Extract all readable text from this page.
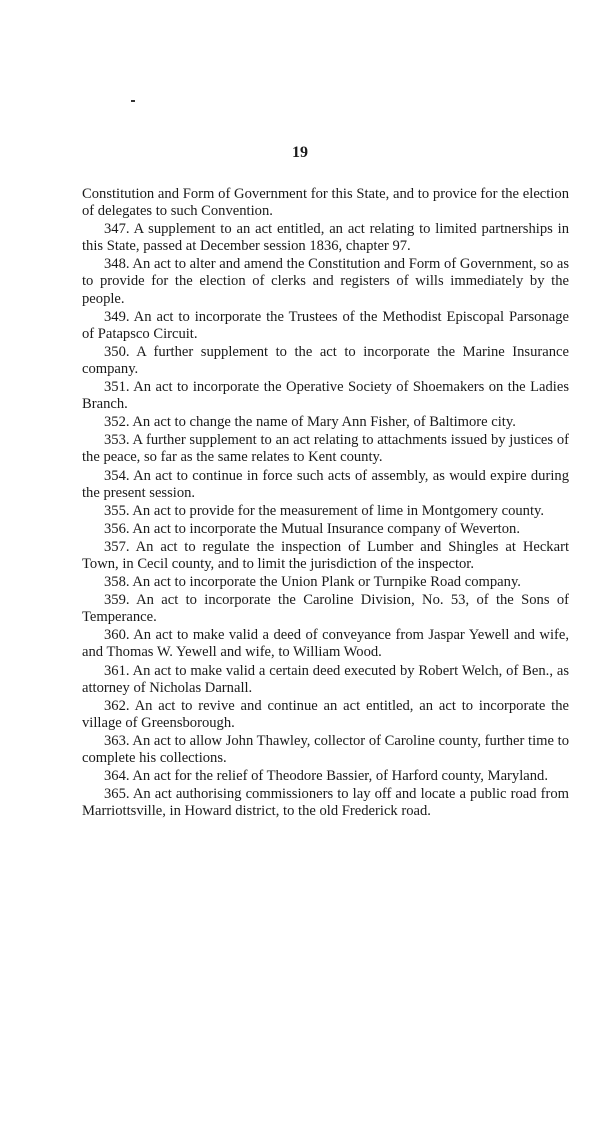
19

Constitution and Form of Government for this State, and to provice for the election of delegates to such Convention.

347. A supplement to an act entitled, an act relating to limited partnerships in this State, passed at December session 1836, chapter 97.

348. An act to alter and amend the Constitution and Form of Government, so as to provide for the election of clerks and registers of wills immediately by the people.

349. An act to incorporate the Trustees of the Methodist Episcopal Parsonage of Patapsco Circuit.

350. A further supplement to the act to incorporate the Marine Insurance company.

351. An act to incorporate the Operative Society of Shoemakers on the Ladies Branch.

352. An act to change the name of Mary Ann Fisher, of Baltimore city.

353. A further supplement to an act relating to attachments issued by justices of the peace, so far as the same relates to Kent county.

354. An act to continue in force such acts of assembly, as would expire during the present session.

355. An act to provide for the measurement of lime in Montgomery county.

356. An act to incorporate the Mutual Insurance company of Weverton.

357. An act to regulate the inspection of Lumber and Shingles at Heckart Town, in Cecil county, and to limit the jurisdiction of the inspector.

358. An act to incorporate the Union Plank or Turnpike Road company.

359. An act to incorporate the Caroline Division, No. 53, of the Sons of Temperance.

360. An act to make valid a deed of conveyance from Jaspar Yewell and wife, and Thomas W. Yewell and wife, to William Wood.

361. An act to make valid a certain deed executed by Robert Welch, of Ben., as attorney of Nicholas Darnall.

362. An act to revive and continue an act entitled, an act to incorporate the village of Greensborough.

363. An act to allow John Thawley, collector of Caroline county, further time to complete his collections.

364. An act for the relief of Theodore Bassier, of Harford county, Maryland.

365. An act authorising commissioners to lay off and locate a public road from Marriottsville, in Howard district, to the old Frederick road.
